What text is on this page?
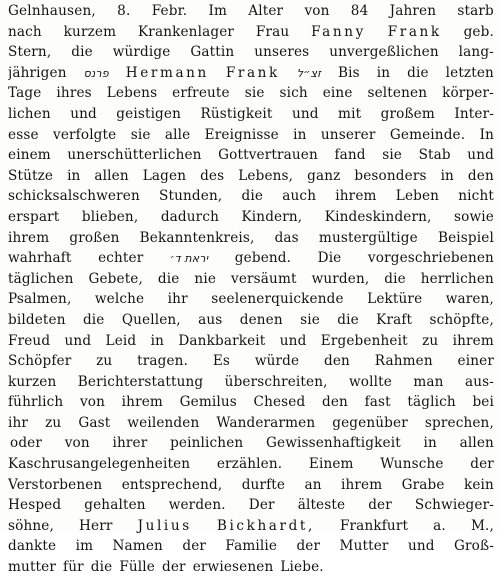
Gelnhausen, 8. Febr. Im Alter von 84 Jahren starb
nach kurzem Krankenlager Frau Fanny Frank geb.
Stern, die würdige Gattin unseres unvergeßlichen lang-
jährigen פרנס Hermann Frank זצ״ל Bis in die letzten
Tage ihres Lebens erfreute sie sich eine seltenen körper-
lichen und geistigen Rüstigkeit und mit großem Inter-
esse verfolgte sie alle Ereignisse in unserer Gemeinde. In
einem unerschütterlichen Gottvertrauen fand sie Stab und
Stütze in allen Lagen des Lebens, ganz besonders in den
schicksalschweren Stunden, die auch ihrem Leben nicht
erspart blieben, dadurch Kindern, Kindeskindern, sowie
ihrem großen Bekanntenkreis, das mustergültige Beispiel
wahrhaft echter יראת ד׳ gebend. Die vorgeschriebenen
täglichen Gebete, die nie versäumt wurden, die herrlichen
Psalmen, welche ihr seelenerquickende Lektüre waren,
bildeten die Quellen, aus denen sie die Kraft schöpfte,
Freud und Leid in Dankbarkeit und Ergebenheit zu ihrem
Schöpfer zu tragen. Es würde den Rahmen einer
kurzen Berichterstattung überschreiten, wollte man aus-
führlich von ihrem Gemilus Chesed den fast täglich bei
ihr zu Gast weilenden Wanderarmen gegenüber sprechen,
oder von ihrer peinlichen Gewissenhaftigkeit in allen
Kaschrusangelegenheiten erzählen. Einem Wunsche der
Verstorbenen entsprechend, durfte an ihrem Grabe kein
Hesped gehalten werden. Der älteste der Schwieger-
söhne, Herr Julius Bickhardt, Frankfurt a. M.,
dankte im Namen der Familie der Mutter und Groß-
mutter für die Fülle der erwiesenen Liebe.
